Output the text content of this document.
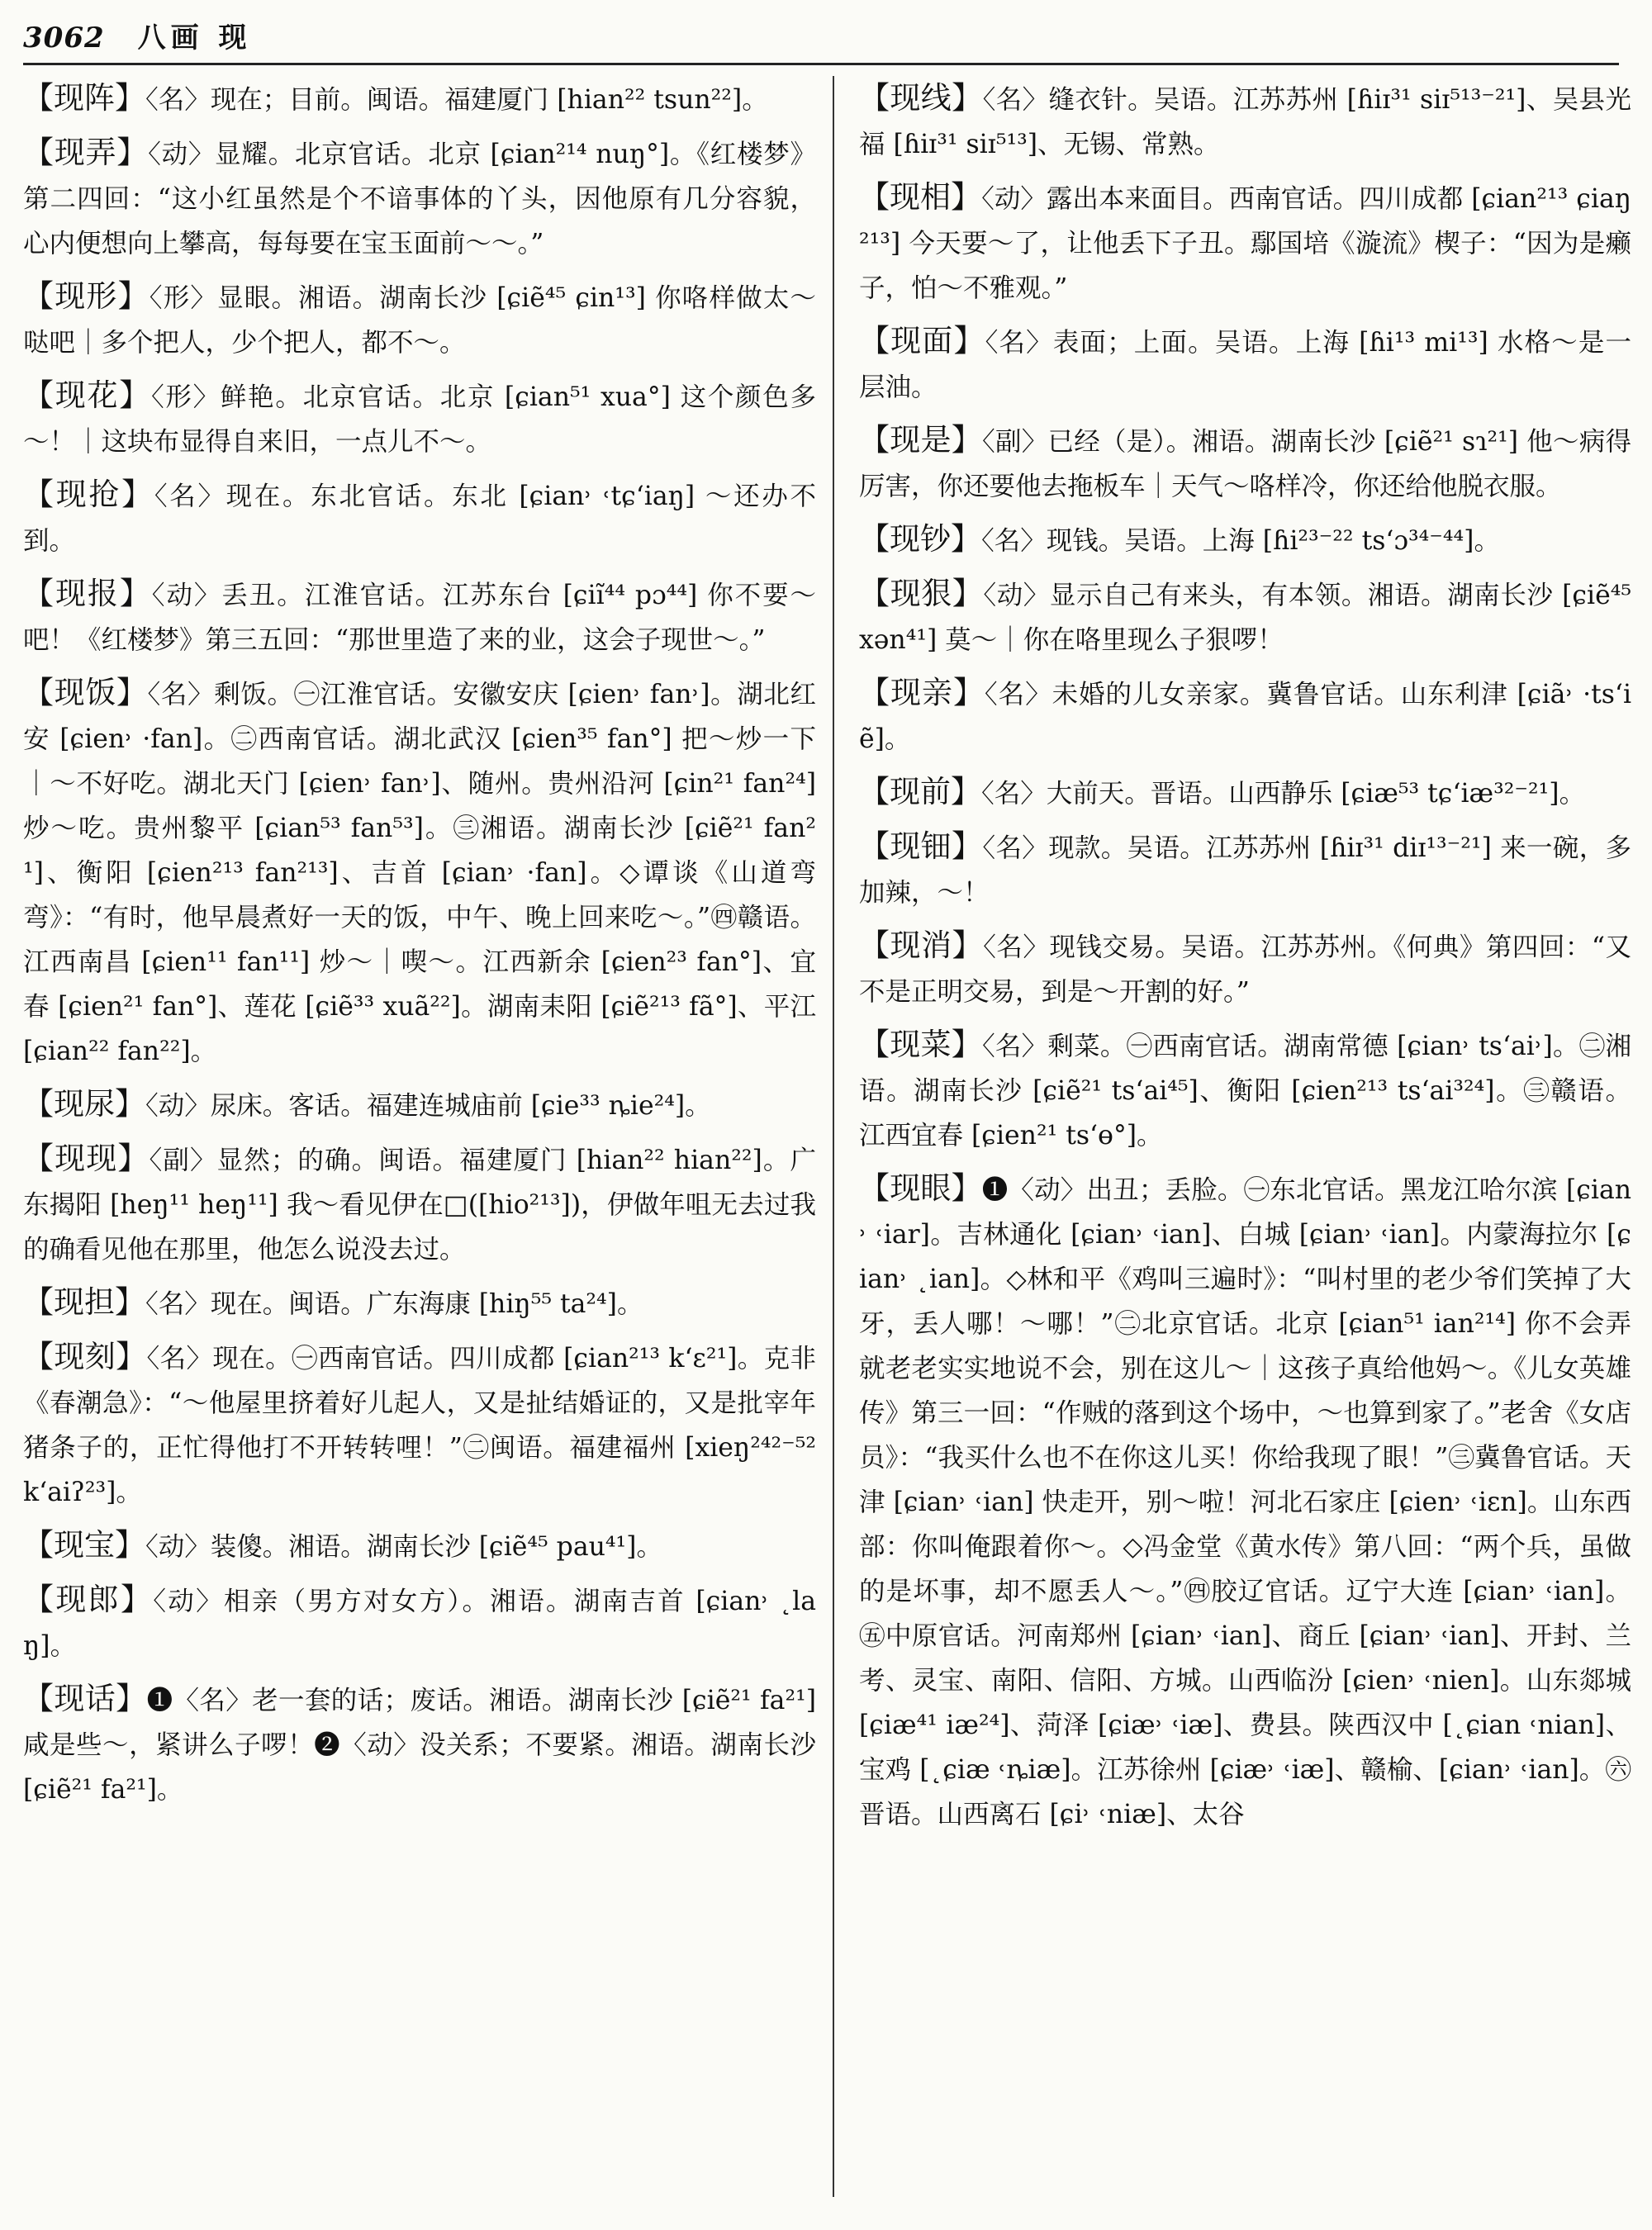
3062 八画 现

【现阵】〈名〉现在；目前。闽语。福建厦门 [hian²² tsun²²]。

【现弄】〈动〉显耀。北京官话。北京 [ɕian²¹⁴ nuŋ°]。《红楼梦》第二四回：“这小红虽然是个不谙事体的丫头，因他原有几分容貌，心内便想向上攀高，每每要在宝玉面前～～。”

【现形】〈形〉显眼。湘语。湖南长沙 [ɕiẽ⁴⁵ ɕin¹³] 你咯样做太～哒吧｜多个把人，少个把人，都不～。

【现花】〈形〉鲜艳。北京官话。北京 [ɕian⁵¹ xua°] 这个颜色多～！｜这块布显得自来旧，一点儿不～。

【现抢】〈名〉现在。东北官话。东北 [ɕian˒ ˓tɕʻiaŋ] ～还办不到。

【现报】〈动〉丢丑。江淮官话。江苏东台 [ɕiĩ⁴⁴ pɔ⁴⁴] 你不要～吧！《红楼梦》第三五回：“那世里造了来的业，这会子现世～。”

【现饭】〈名〉剩饭。㊀江淮官话。安徽安庆 [ɕien˒ fan˒]。湖北红安 [ɕien˒ ·fan]。㊁西南官话。湖北武汉 [ɕien³⁵ fan°] 把～炒一下｜～不好吃。湖北天门 [ɕien˒ fan˒]、随州。贵州沿河 [ɕin²¹ fan²⁴] 炒～吃。贵州黎平 [ɕian⁵³ fan⁵³]。㊂湘语。湖南长沙 [ɕiẽ²¹ fan²¹]、衡阳 [ɕien²¹³ fan²¹³]、吉首 [ɕian˒ ·fan]。◇谭谈《山道弯弯》：“有时，他早晨煮好一天的饭，中午、晚上回来吃～。”㊃赣语。江西南昌 [ɕien¹¹ fan¹¹] 炒～｜喫～。江西新余 [ɕien²³ fan°]、宜春 [ɕien²¹ fan°]、莲花 [ɕiẽ³³ xuã²²]。湖南耒阳 [ɕiẽ²¹³ fã°]、平江 [ɕian²² fan²²]。

【现尿】〈动〉尿床。客话。福建连城庙前 [ɕie³³ ȵie²⁴]。

【现现】〈副〉显然；的确。闽语。福建厦门 [hian²² hian²²]。广东揭阳 [heŋ¹¹ heŋ¹¹] 我～看见伊在□([hio²¹³])，伊做年咀无去过我的确看见他在那里，他怎么说没去过。

【现担】〈名〉现在。闽语。广东海康 [hiŋ⁵⁵ ta²⁴]。

【现刻】〈名〉现在。㊀西南官话。四川成都 [ɕian²¹³ kʻɛ²¹]。克非《春潮急》：“～他屋里挤着好儿起人，又是扯结婚证的，又是批宰年猪条子的，正忙得他打不开转转哩！”㊁闽语。福建福州 [xieŋ²⁴²⁻⁵² kʻaiʔ²³]。

【现宝】〈动〉装傻。湘语。湖南长沙 [ɕiẽ⁴⁵ pau⁴¹]。

【现郎】〈动〉相亲（男方对女方）。湘语。湖南吉首 [ɕian˒ ˛laŋ]。

【现话】❶〈名〉老一套的话；废话。湘语。湖南长沙 [ɕiẽ²¹ fa²¹] 咸是些～，紧讲么子啰！❷〈动〉没关系；不要紧。湘语。湖南长沙 [ɕiẽ²¹ fa²¹]。

【现线】〈名〉缝衣针。吴语。江苏苏州 [ɦiɪ³¹ siɪ⁵¹³⁻²¹]、吴县光福 [ɦiɪ³¹ siɪ⁵¹³]、无锡、常熟。

【现相】〈动〉露出本来面目。西南官话。四川成都 [ɕian²¹³ ɕiaŋ²¹³] 今天要～了，让他丢下子丑。鄢国培《漩流》楔子：“因为是癞子，怕～不雅观。”

【现面】〈名〉表面；上面。吴语。上海 [ɦi¹³ mi¹³] 水格～是一层油。

【现是】〈副〉已经（是）。湘语。湖南长沙 [ɕiẽ²¹ sɿ²¹] 他～病得厉害，你还要他去拖板车｜天气～咯样冷，你还给他脱衣服。

【现钞】〈名〉现钱。吴语。上海 [ɦi²³⁻²² tsʻɔ³⁴⁻⁴⁴]。

【现狠】〈动〉显示自己有来头，有本领。湘语。湖南长沙 [ɕiẽ⁴⁵ xən⁴¹] 莫～｜你在咯里现么子狠啰！

【现亲】〈名〉未婚的儿女亲家。冀鲁官话。山东利津 [ɕiã˒ ·tsʻiẽ]。

【现前】〈名〉大前天。晋语。山西静乐 [ɕiæ⁵³ tɕʻiæ³²⁻²¹]。

【现钿】〈名〉现款。吴语。江苏苏州 [ɦiɪ³¹ diɪ¹³⁻²¹] 来一碗，多加辣，～！

【现消】〈名〉现钱交易。吴语。江苏苏州。《何典》第四回：“又不是正明交易，到是～开割的好。”

【现菜】〈名〉剩菜。㊀西南官话。湖南常德 [ɕian˒ tsʻai˒]。㊁湘语。湖南长沙 [ɕiẽ²¹ tsʻai⁴⁵]、衡阳 [ɕien²¹³ tsʻai³²⁴]。㊂赣语。江西宜春 [ɕien²¹ tsʻɵ°]。

【现眼】❶〈动〉出丑；丢脸。㊀东北官话。黑龙江哈尔滨 [ɕian˒ ˓iar]。吉林通化 [ɕian˒ ˓ian]、白城 [ɕian˒ ˓ian]。内蒙海拉尔 [ɕian˒ ˛ian]。◇林和平《鸡叫三遍时》：“叫村里的老少爷们笑掉了大牙，丢人哪！～哪！”㊁北京官话。北京 [ɕian⁵¹ ian²¹⁴] 你不会弄就老老实实地说不会，别在这儿～｜这孩子真给他妈～。《儿女英雄传》第三一回：“作贼的落到这个场中，～也算到家了。”老舍《女店员》：“我买什么也不在你这儿买！你给我现了眼！”㊂冀鲁官话。天津 [ɕian˒ ˓ian] 快走开，别～啦！河北石家庄 [ɕien˒ ˓iɛn]。山东西部：你叫俺跟着你～。◇冯金堂《黄水传》第八回：“两个兵，虽做的是坏事，却不愿丢人～。”㊃胶辽官话。辽宁大连 [ɕian˒ ˓ian]。㊄中原官话。河南郑州 [ɕian˒ ˓ian]、商丘 [ɕian˒ ˓ian]、开封、兰考、灵宝、南阳、信阳、方城。山西临汾 [ɕien˒ ˓nien]。山东郯城 [ɕiæ⁴¹ iæ²⁴]、菏泽 [ɕiæ˒ ˓iæ]、费县。陕西汉中 [˛ɕian ˓nian]、宝鸡 [˛ɕiæ ˓ȵiæ]。江苏徐州 [ɕiæ˒ ˓iæ]、赣榆、[ɕian˒ ˓ian]。㊅晋语。山西离石 [ɕi˒ ˓niæ]、太谷
